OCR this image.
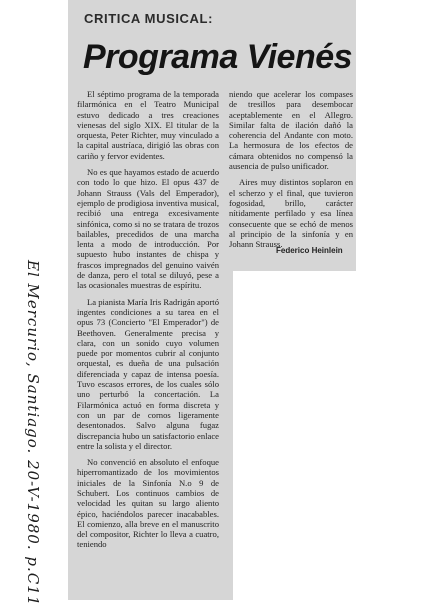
CRITICA MUSICAL:
Programa Vienés

El séptimo programa de la temporada filarmónica en el Teatro Municipal estuvo dedicado a tres creaciones vienesas del siglo XIX. El titular de la orquesta, Peter Richter, muy vinculado a la capital austríaca, dirigió las obras con cariño y fervor evidentes.

No es que hayamos estado de acuerdo con todo lo que hizo. El opus 437 de Johann Strauss (Vals del Emperador), ejemplo de prodigiosa inventiva musical, recibió una entrega excesivamente sinfónica, como si no se tratara de trozos bailables, precedidos de una marcha lenta a modo de introducción. Por supuesto hubo instantes de chispa y frascos impregnados del genuino vaivén de danza, pero el total se diluyó, pese a las ocasionales muestras de espíritu.

La pianista María Iris Radrigán aportó ingentes condiciones a su tarea en el opus 73 (Concierto "El Emperador") de Beethoven. Generalmente precisa y clara, con un sonido cuyo volumen puede por momentos cubrir al conjunto orquestal, es dueña de una pulsación diferenciada y capaz de intensa poesía. Tuvo escasos errores, de los cuales sólo uno perturbó la concertación. La Filarmónica actuó en forma discreta y con un par de cornos ligeramente desentonados. Salvo alguna fugaz discrepancia hubo un satisfactorio enlace entre la solista y el director.

No convenció en absoluto el enfoque hiperromantizado de los movimientos iniciales de la Sinfonía N.o 9 de Schubert. Los continuos cambios de velocidad les quitan su largo aliento épico, haciéndolos parecer inacabables. El comienzo, alla breve en el manuscrito del compositor, Richter lo lleva a cuatro, teniendo

niendo que acelerar los compases de tresillos para desembocar aceptablemente en el Allegro. Similar falta de ilación dañó la coherencia del Andante con moto. La hermosura de los efectos de cámara obtenidos no compensó la ausencia de pulso unificador.

Aires muy distintos soplaron en el scherzo y el final, que tuvieron fogosidad, brillo, carácter nítidamente perfilado y esa línea consecuente que se echó de menos al principio de la sinfonía y en Johann Strauss.

Federico Heinlein
El Mercurio, Santiago. 20-V-1980. p.C11
